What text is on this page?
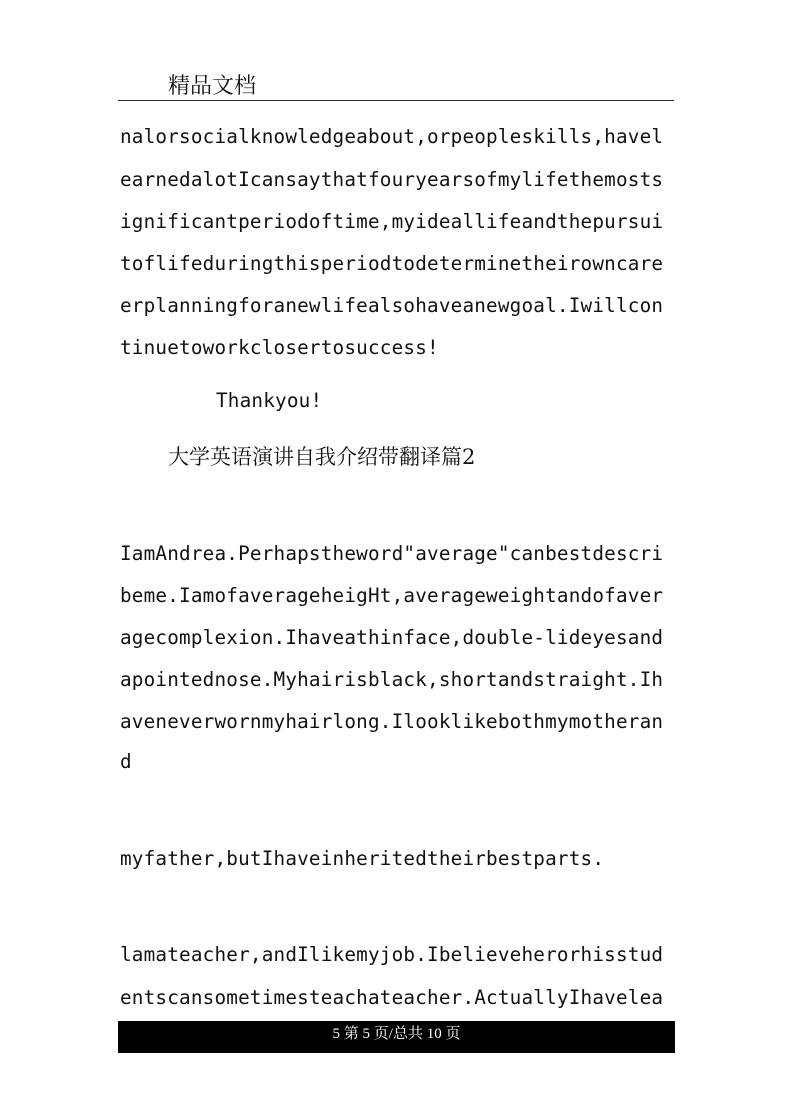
精品文档
nalorsocialknowledgeabout,orpeopleskills,havel
earnedalotIcansaythatfouryearsofmylifethemosts
ignificantperiodoftime,myideallifeandthepursui
toflifeduringthisperiodtodeterminetheirowncare
erplanningforanewlifealsohaveanewgoal.Iwillcon
tinuetoworkclosertosuccess!
Thankyou!
大学英语演讲自我介绍带翻译篇2
IamAndrea.Perhapstheword"average"canbestdescri
beme.IamofaverageheigHt,averageweightandofaver
agecomplexion.Ihaveathinface,double-lideyesand
apointednose.Myhairisblack,shortandstraight.Ih
aveneverwornmyhairlong.Ilooklikebothmymotheran
d
myfather,butIhaveinheritedtheirbestparts.
lamateacher,andIlikemyjob.Ibelieveherorhisstud
entscansometimesteachateacher.ActuallyIhavelea
5 第 5 页/总共 10 页
